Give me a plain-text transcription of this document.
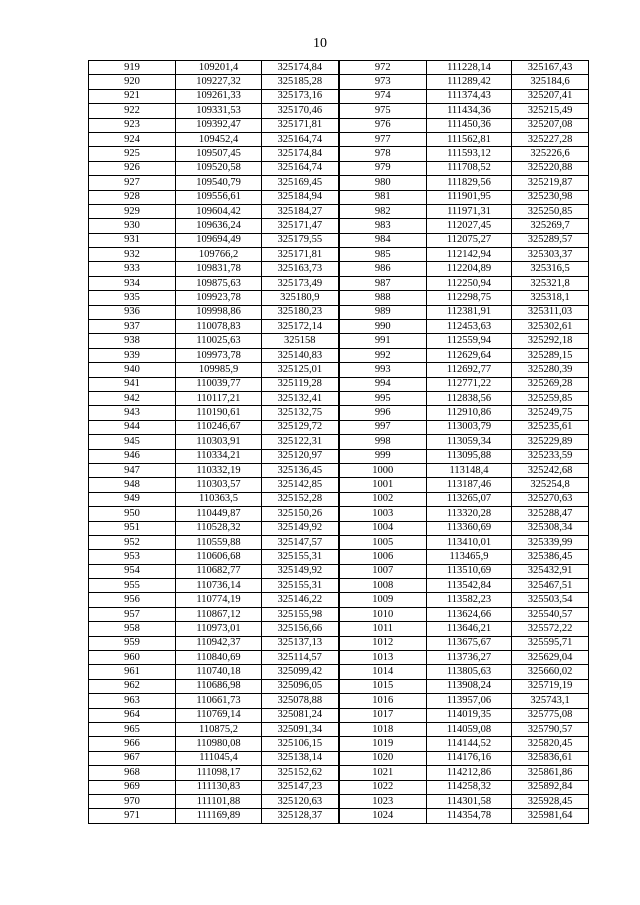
10
919	109201,4	325174,84	972	111228,14	325167,43
920	109227,32	325185,28	973	111289,42	325184,6
921	109261,33	325173,16	974	111374,43	325207,41
922	109331,53	325170,46	975	111434,36	325215,49
923	109392,47	325171,81	976	111450,36	325207,08
924	109452,4	325164,74	977	111562,81	325227,28
925	109507,45	325174,84	978	111593,12	325226,6
926	109520,58	325164,74	979	111708,52	325220,88
927	109540,79	325169,45	980	111829,56	325219,87
928	109556,61	325184,94	981	111901,95	325230,98
929	109604,42	325184,27	982	111971,31	325250,85
930	109636,24	325171,47	983	112027,45	325269,7
931	109694,49	325179,55	984	112075,27	325289,57
932	109766,2	325171,81	985	112142,94	325303,37
933	109831,78	325163,73	986	112204,89	325316,5
934	109875,63	325173,49	987	112250,94	325321,8
935	109923,78	325180,9	988	112298,75	325318,1
936	109998,86	325180,23	989	112381,91	325311,03
937	110078,83	325172,14	990	112453,63	325302,61
938	110025,63	325158	991	112559,94	325292,18
939	109973,78	325140,83	992	112629,64	325289,15
940	109985,9	325125,01	993	112692,77	325280,39
941	110039,77	325119,28	994	112771,22	325269,28
942	110117,21	325132,41	995	112838,56	325259,85
943	110190,61	325132,75	996	112910,86	325249,75
944	110246,67	325129,72	997	113003,79	325235,61
945	110303,91	325122,31	998	113059,34	325229,89
946	110334,21	325120,97	999	113095,88	325233,59
947	110332,19	325136,45	1000	113148,4	325242,68
948	110303,57	325142,85	1001	113187,46	325254,8
949	110363,5	325152,28	1002	113265,07	325270,63
950	110449,87	325150,26	1003	113320,28	325288,47
951	110528,32	325149,92	1004	113360,69	325308,34
952	110559,88	325147,57	1005	113410,01	325339,99
953	110606,68	325155,31	1006	113465,9	325386,45
954	110682,77	325149,92	1007	113510,69	325432,91
955	110736,14	325155,31	1008	113542,84	325467,51
956	110774,19	325146,22	1009	113582,23	325503,54
957	110867,12	325155,98	1010	113624,66	325540,57
958	110973,01	325156,66	1011	113646,21	325572,22
959	110942,37	325137,13	1012	113675,67	325595,71
960	110840,69	325114,57	1013	113736,27	325629,04
961	110740,18	325099,42	1014	113805,63	325660,02
962	110686,98	325096,05	1015	113908,24	325719,19
963	110661,73	325078,88	1016	113957,06	325743,1
964	110769,14	325081,24	1017	114019,35	325775,08
965	110875,2	325091,34	1018	114059,08	325790,57
966	110980,08	325106,15	1019	114144,52	325820,45
967	111045,4	325138,14	1020	114176,16	325836,61
968	111098,17	325152,62	1021	114212,86	325861,86
969	111130,83	325147,23	1022	114258,32	325892,84
970	111101,88	325120,63	1023	114301,58	325928,45
971	111169,89	325128,37	1024	114354,78	325981,64
